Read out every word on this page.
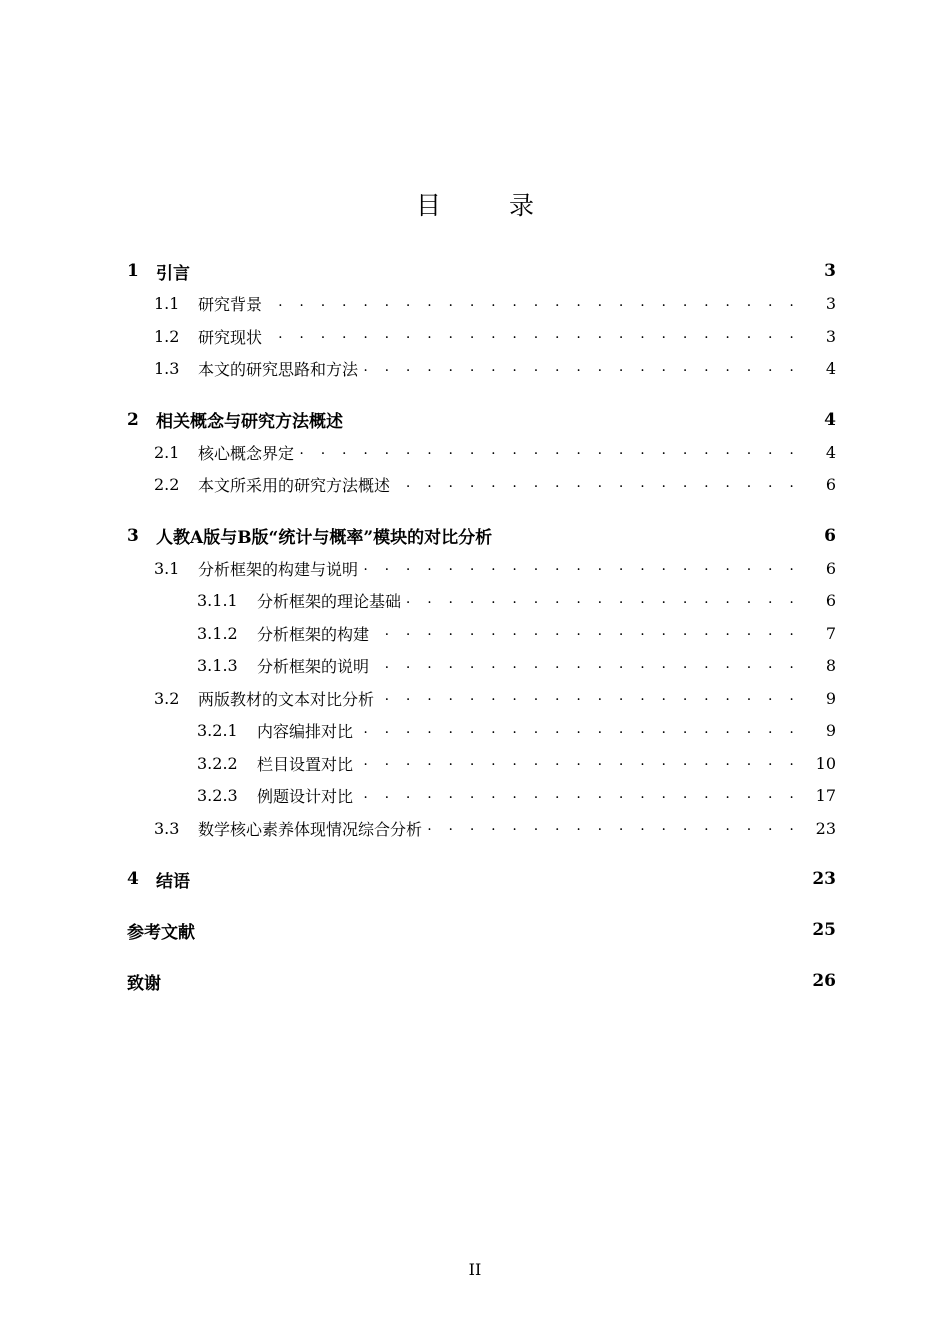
目 录
1	引言	3
1.1	研究背景 . . .	3
1.2	研究现状 . . .	3
1.3	本文的研究思路和方法 . . .	4
2	相关概念与研究方法概述	4
2.1	核心概念界定 . . .	4
2.2	本文所采用的研究方法概述 . . .	6
3	人教A版与B版“统计与概率”模块的对比分析	6
3.1	分析框架的构建与说明 . . .	6
3.1.1	分析框架的理论基础 . . .	6
3.1.2	分析框架的构建 . . .	7
3.1.3	分析框架的说明 . . .	8
3.2	两版教材的文本对比分析 . . .	9
3.2.1	内容编排对比 . . .	9
3.2.2	栏目设置对比 . . .	10
3.2.3	例题设计对比 . . .	17
3.3	数学核心素养体现情况综合分析 . . .	23
4	结语	23
参考文献	25
致谢	26
II
